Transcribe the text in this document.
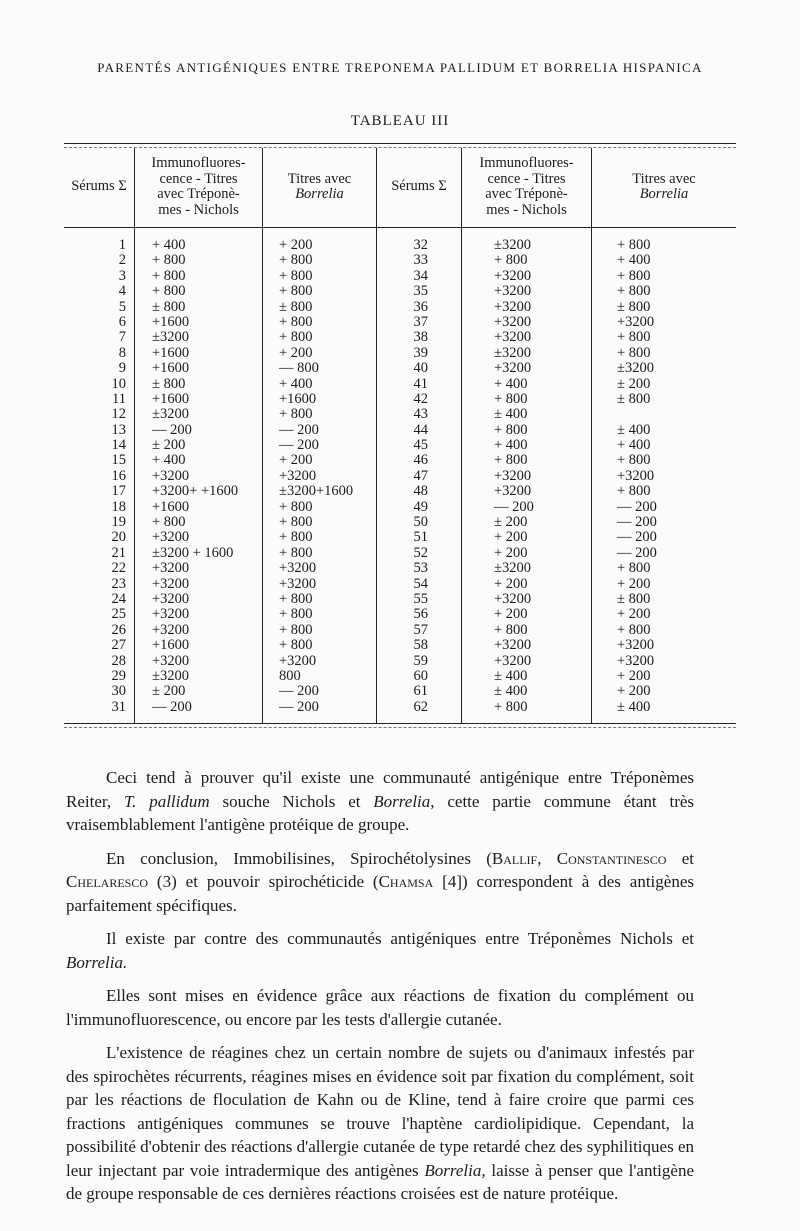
PARENTÉS ANTIGÉNIQUES ENTRE TREPONEMA PALLIDUM ET BORRELIA HISPANICA
TABLEAU III
Sérums Σ
Immunofluores-
cence - Titres
avec Tréponè-
mes - Nichols
Titres avec
Borrelia	Sérums Σ
Immunofluores-
cence - Titres
avec Tréponè-
mes - Nichols
Titres avec
Borrelia
1
2
3
4
5
6
7
8
9
10
11
12
13
14
15
16
17
18
19
20
21
22
23
24
25
26
27
28
29
30
31
+ 400
+ 800
+ 800
+ 800
± 800
+1600
±3200
+1600
+1600
± 800
+1600
±3200
— 200
± 200
+ 400
+3200
+3200+ +1600
+1600
+ 800
+3200
±3200 + 1600
+3200
+3200
+3200
+3200
+3200
+1600
+3200
±3200
± 200
— 200
+ 200
+ 800
+ 800
+ 800
± 800
+ 800
+ 800
+ 200
— 800
+ 400
+1600
+ 800
— 200
— 200
+ 200
+3200
±3200+1600
+ 800
+ 800
+ 800
+ 800
+3200
+3200
+ 800
+ 800
+ 800
+ 800
+3200
800
— 200
— 200
32
33
34
35
36
37
38
39
40
41
42
43
44
45
46
47
48
49
50
51
52
53
54
55
56
57
58
59
60
61
62
±3200
+ 800
+3200
+3200
+3200
+3200
+3200
±3200
+3200
+ 400
+ 800
± 400
+ 800
+ 400
+ 800
+3200
+3200
— 200
± 200
+ 200
+ 200
±3200
+ 200
+3200
+ 200
+ 800
+3200
+3200
± 400
± 400
+ 800
+ 800
+ 400
+ 800
+ 800
± 800
+3200
+ 800
+ 800
±3200
± 200
± 800
± 400
+ 400
+ 800
+3200
+ 800
— 200
— 200
— 200
— 200
+ 800
+ 200
± 800
+ 200
+ 800
+3200
+3200
+ 200
+ 200
± 400

Ceci tend à prouver qu'il existe une communauté antigénique entre Tréponèmes Reiter, T. pallidum souche Nichols et Borrelia, cette partie commune étant très vraisemblablement l'antigène protéique de groupe.

En conclusion, Immobilisines, Spirochétolysines (Ballif, Constantinesco et Chelaresco (3) et pouvoir spirochéticide (Chamsa [4]) correspondent à des antigènes parfaitement spécifiques.

Il existe par contre des communautés antigéniques entre Tréponèmes Nichols et Borrelia.

Elles sont mises en évidence grâce aux réactions de fixation du complément ou l'immunofluorescence, ou encore par les tests d'allergie cutanée.

L'existence de réagines chez un certain nombre de sujets ou d'animaux infestés par des spirochètes récurrents, réagines mises en évidence soit par fixation du complément, soit par les réactions de floculation de Kahn ou de Kline, tend à faire croire que parmi ces fractions antigéniques communes se trouve l'haptène cardiolipidique. Cependant, la possibilité d'obtenir des réactions d'allergie cutanée de type retardé chez des syphilitiques en leur injectant par voie intradermique des antigènes Borrelia, laisse à penser que l'antigène de groupe responsable de ces dernières réactions croisées est de nature protéique.
